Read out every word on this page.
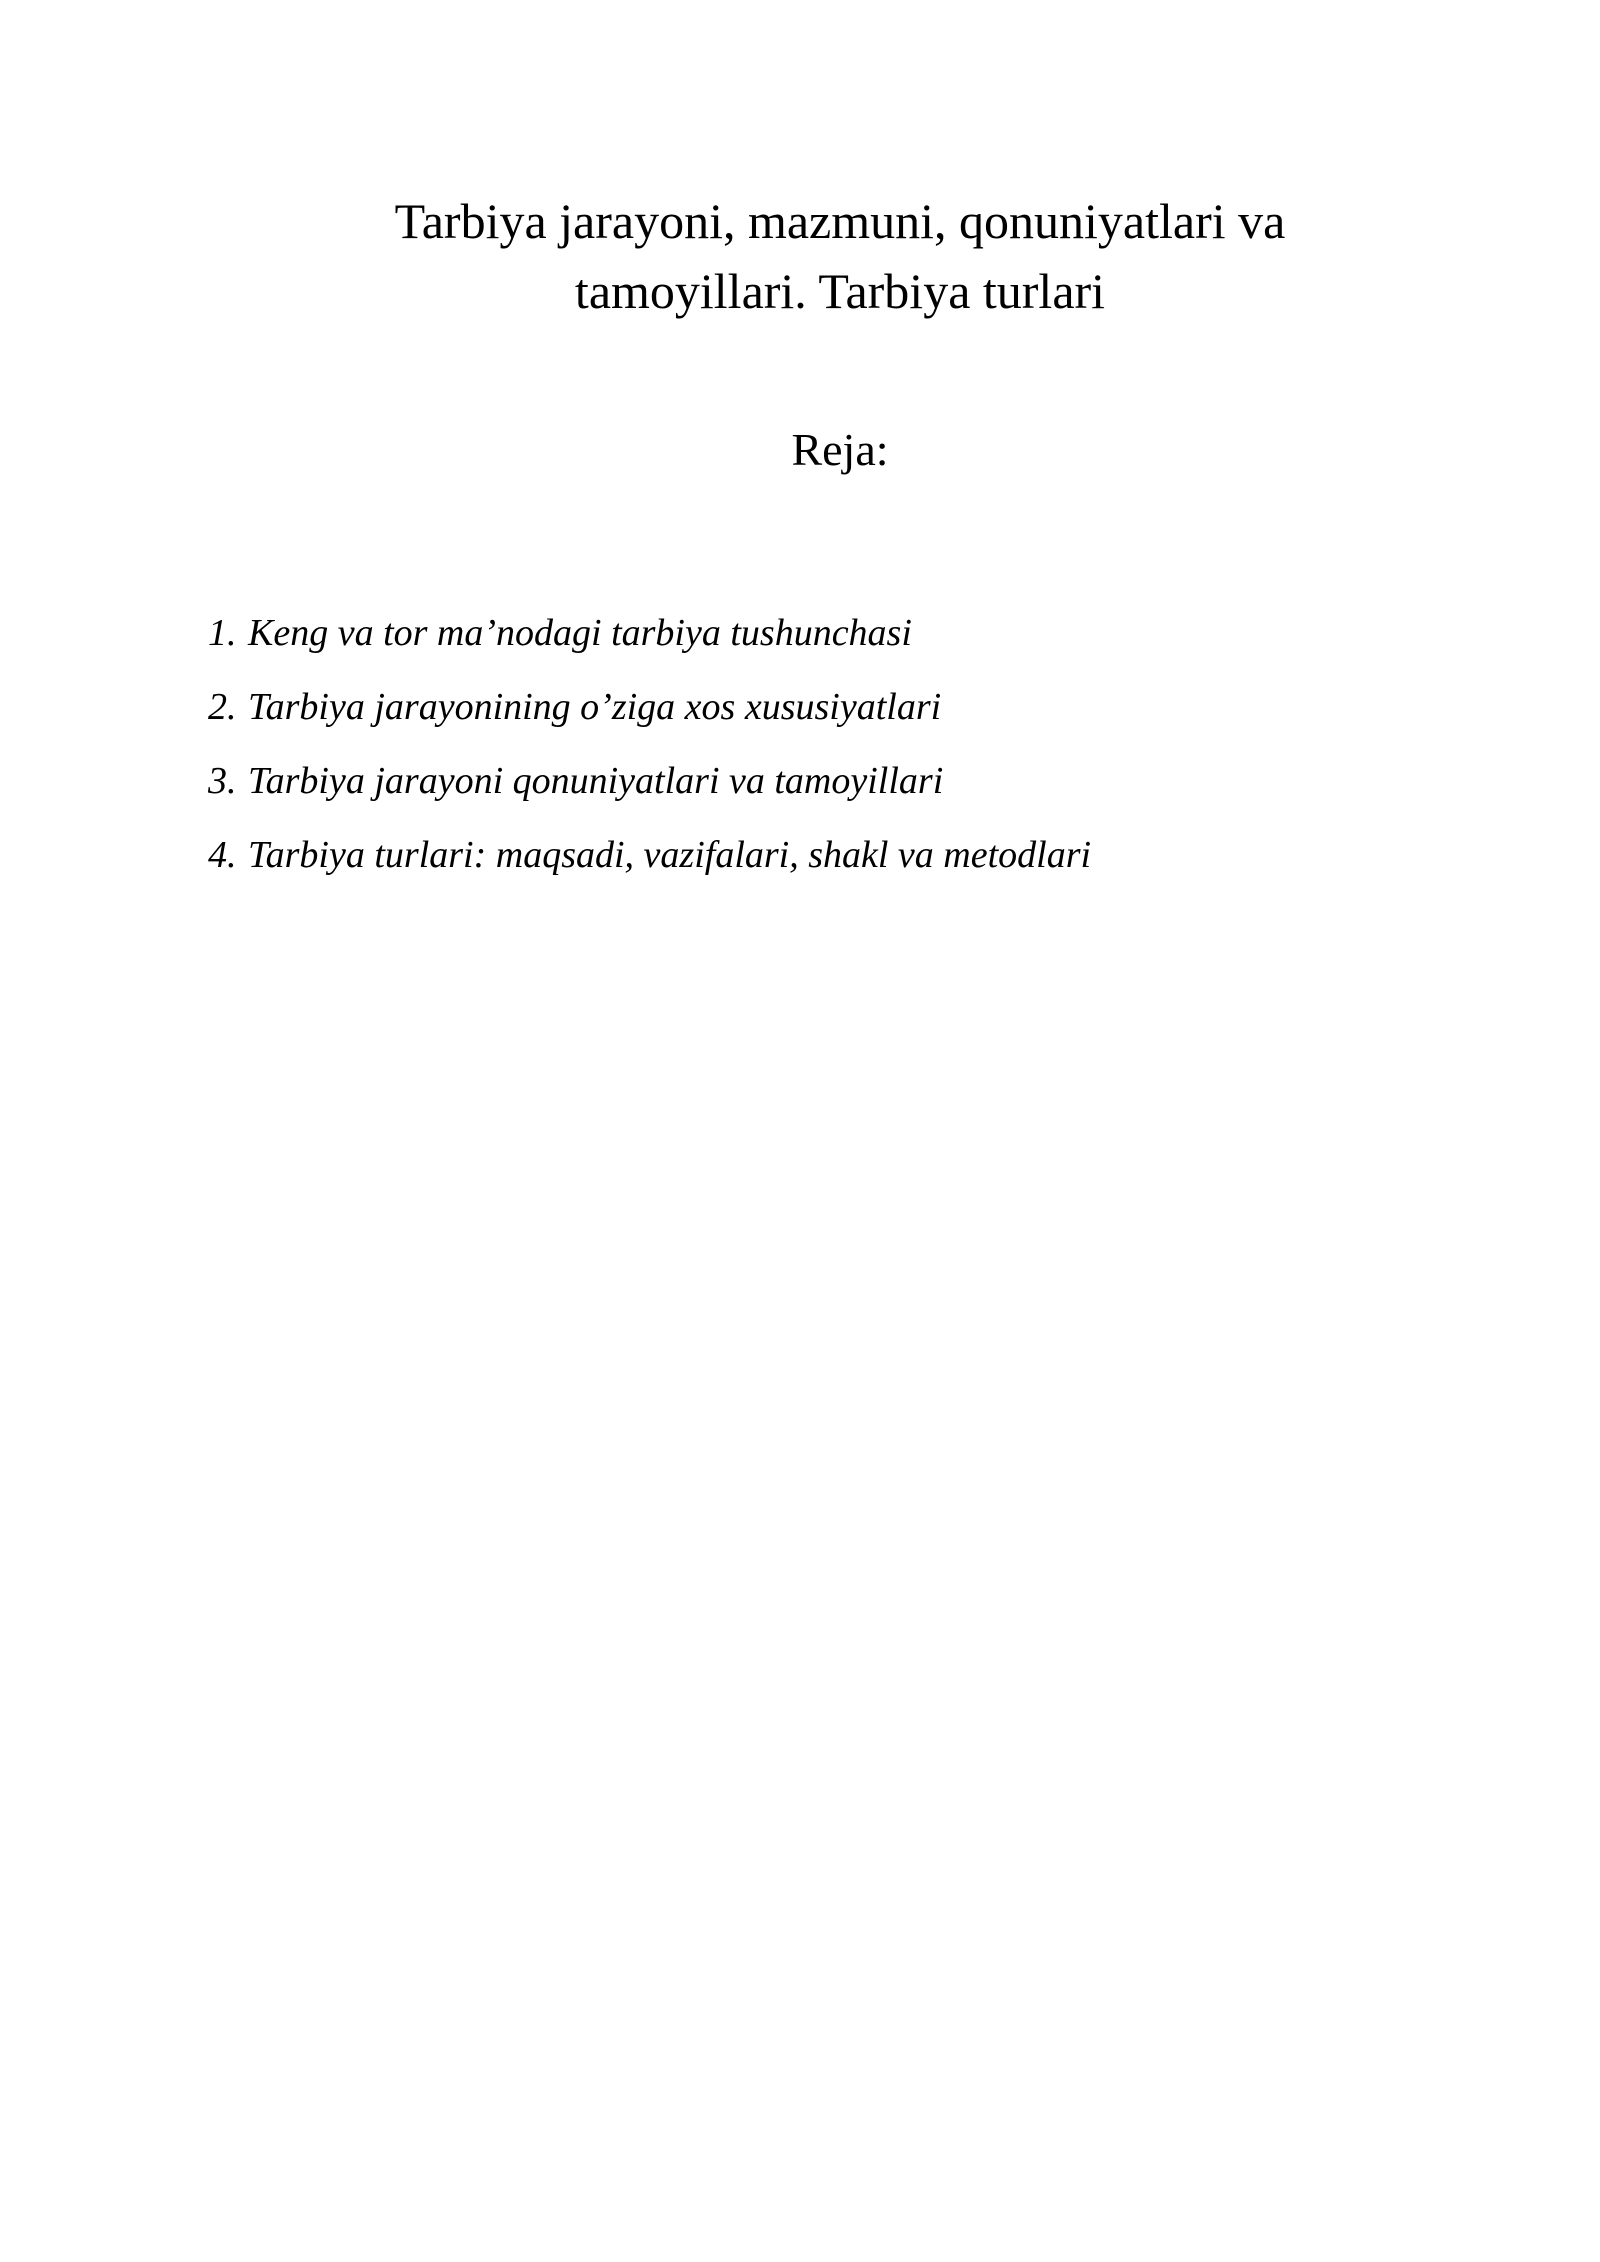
Tarbiya jarayoni, mazmuni, qonuniyatlari va
tamoyillari. Tarbiya turlari

Reja:

1. Keng va tor ma’nodagi tarbiya tushunchasi
2. Tarbiya jarayonining o’ziga xos xususiyatlari
3. Tarbiya jarayoni qonuniyatlari va tamoyillari
4. Tarbiya turlari: maqsadi, vazifalari, shakl va metodlari
